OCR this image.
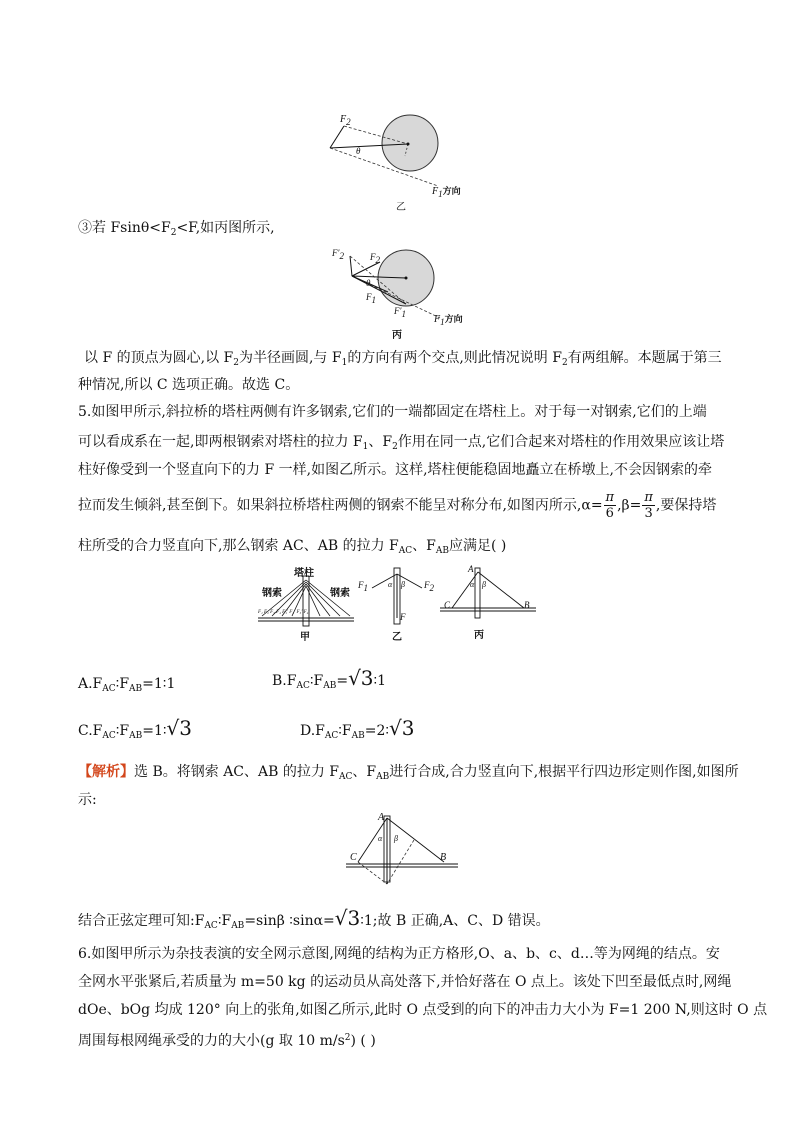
F2
θ
F1方向
乙
③若 $Fsin\theta<F_2<F$,如丙图所示,
F′2	F2
θ
F1
F′1	F1方向
丙
以 F 的顶点为圆心,以 $F_2$为半径画圆,与 $F_1$的方向有两个交点,则此情况说明 $F_2$有两组解。本题属于第三
种情况,所以 C 选项正确。故选 C。
5.如图甲所示,斜拉桥的塔柱两侧有许多钢索,它们的一端都固定在塔柱上。对于每一对钢索,它们的上端
可以看成系在一起,即两根钢索对塔柱的拉力 $F_1$、$F_2$作用在同一点,它们合起来对塔柱的作用效果应该让塔
柱好像受到一个竖直向下的力 F 一样,如图乙所示。这样,塔柱便能稳固地矗立在桥墩上,不会因钢索的牵
拉而发生倾斜,甚至倒下。如果斜拉桥塔柱两侧的钢索不能呈对称分布,如图丙所示$,\alpha= \frac{\pi}{6} ,\beta= \frac{\pi}{3}$ ,要保持塔
柱所受的合力竖直向下,那么钢索 AC、AB 的拉力 $F_{AC}$、$F_{AB}$应满足( )
塔柱
钢索	钢索
F₁ F₂ F₃ F₄ F₁′ F₂′ F₃′ F₄′
甲
F1	F2
α β
F
乙
A
C	B
α β
丙
$A.F_{AC}∶F_{AB}=1∶1$	$B.F_{AC}∶F_{AB}=√3∶1$
$C.F_{AC}∶F_{AB}=1∶√3$	$D.F_{AC}∶F_{AB}=2∶√3$
【解析】选 B。将钢索 AC、AB 的拉力 $F_{AC}$、$F_{AB}$进行合成,合力竖直向下,根据平行四边形定则作图,如图所
示:
A
C	B
α β
结合正弦定理可知$:F_{AC}∶F_{AB}=\sin\beta$ ∶sinα=√3∶1;故 B 正确,A、C、D 错误。
6.如图甲所示为杂技表演的安全网示意图,网绳的结构为正方格形,O、a、b、c、d…等为网绳的结点。安
全网水平张紧后,若质量为 m=50 kg 的运动员从高处落下,并恰好落在 O 点上。该处下凹至最低点时,网绳
dOe、bOg 均成 120° 向上的张角,如图乙所示,此时 O 点受到的向下的冲击力大小为 F=1 200 N,则这时 O 点
周围每根网绳承受的力的大小(g 取 10 $m/s^2$) ( )
